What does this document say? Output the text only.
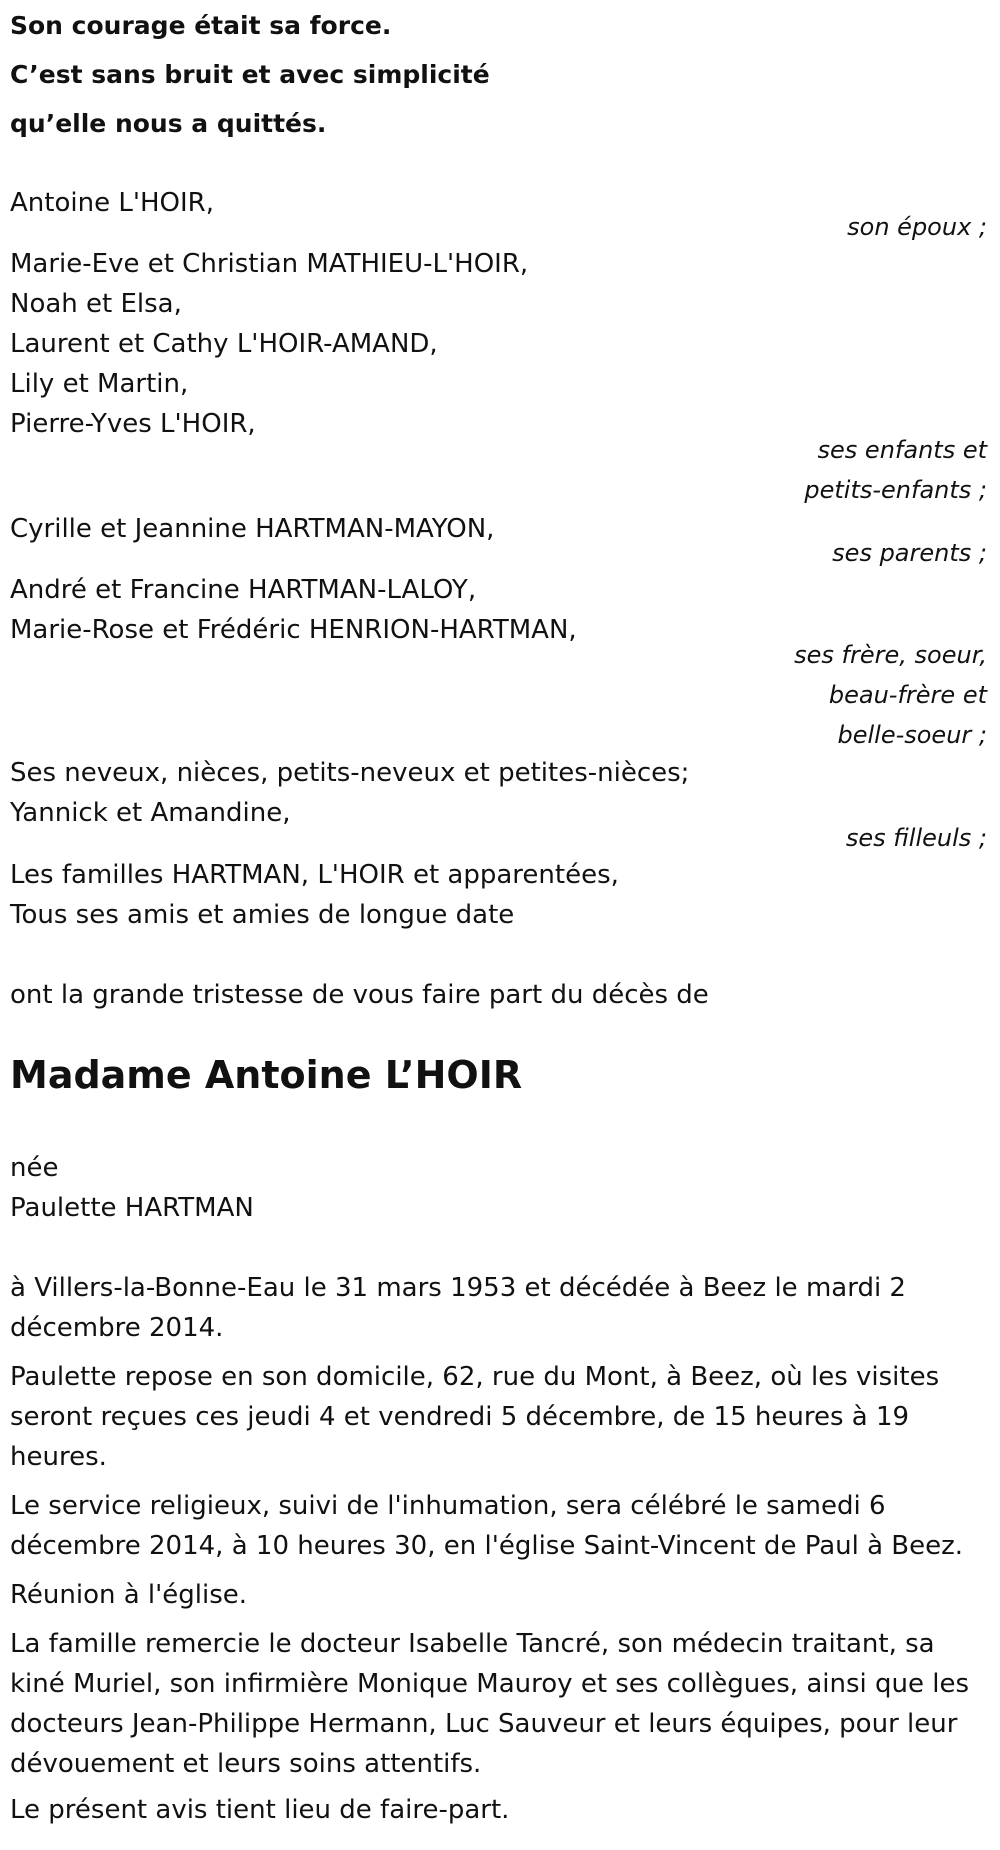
Son courage était sa force.

C’est sans bruit et avec simplicité

qu’elle nous a quittés.

Antoine L'HOIR,

son époux ;

Marie-Eve et Christian MATHIEU-L'HOIR,

Noah et Elsa,

Laurent et Cathy L'HOIR-AMAND,

Lily et Martin,

Pierre-Yves L'HOIR,

ses enfants et

petits-enfants ;

Cyrille et Jeannine HARTMAN-MAYON,

ses parents ;

André et Francine HARTMAN-LALOY,

Marie-Rose et Frédéric HENRION-HARTMAN,

ses frère, soeur,

beau-frère et

belle-soeur ;

Ses neveux, nièces, petits-neveux et petites-nièces;

Yannick et Amandine,

ses filleuls ;

Les familles HARTMAN, L'HOIR et apparentées,

Tous ses amis et amies de longue date

ont la grande tristesse de vous faire part du décès de

Madame Antoine L’HOIR

née

Paulette HARTMAN

à Villers-la-Bonne-Eau le 31 mars 1953 et décédée à Beez le mardi 2 décembre 2014.

Paulette repose en son domicile, 62, rue du Mont, à Beez, où les visites seront reçues ces jeudi 4 et vendredi 5 décembre, de 15 heures à 19 heures.

Le service religieux, suivi de l'inhumation, sera célébré le samedi 6 décembre 2014, à 10 heures 30, en l'église Saint-Vincent de Paul à Beez.

Réunion à l'église.

La famille remercie le docteur Isabelle Tancré, son médecin traitant, sa kiné Muriel, son infirmière Monique Mauroy et ses collègues, ainsi que les docteurs Jean-Philippe Hermann, Luc Sauveur et leurs équipes, pour leur dévouement et leurs soins attentifs.

Le présent avis tient lieu de faire-part.
